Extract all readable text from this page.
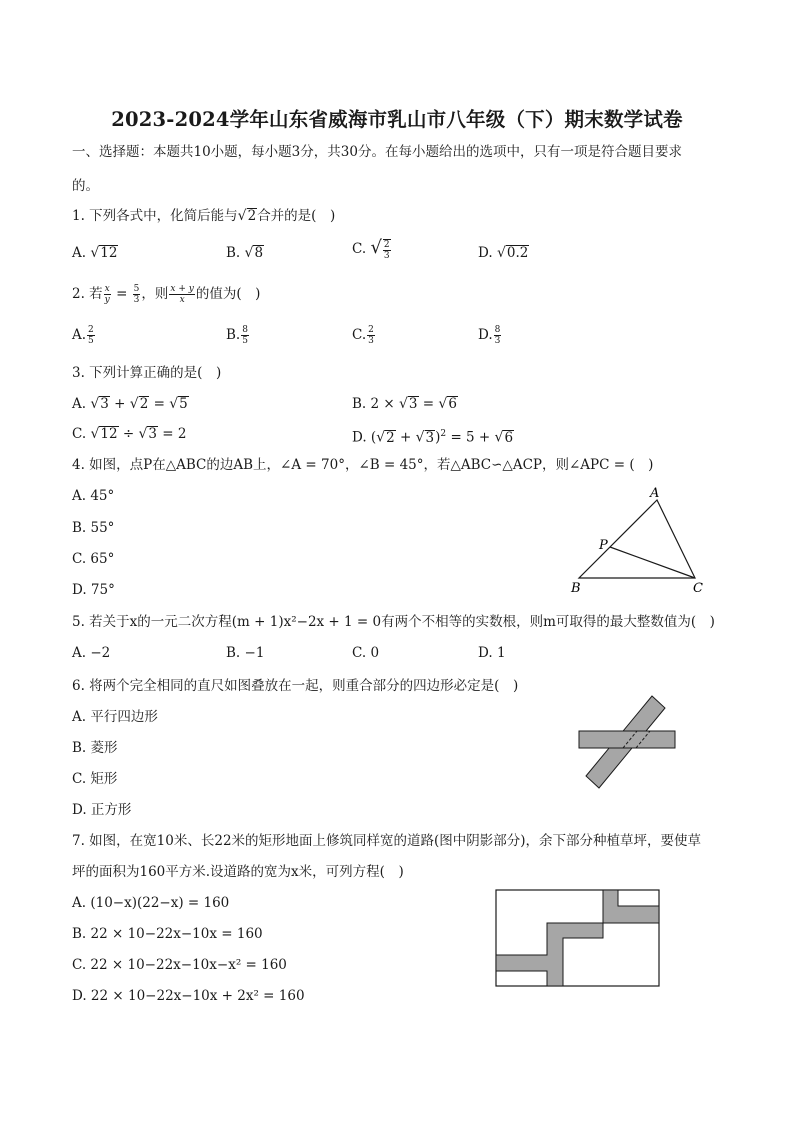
2023-2024学年山东省威海市乳山市八年级（下）期末数学试卷
一、选择题：本题共10小题，每小题3分，共30分。在每小题给出的选项中，只有一项是符合题目要求
的。
1. 下列各式中，化简后能与√2合并的是(　)
A. √12	B. √8	C. √ $\frac{2}{3}$	D. √0.2
2. 若 $\frac{x}{y} = \frac{5}{3}$ ，则 $\frac{x + y}{x}$ 的值为(　)
A. $\frac{2}{5}$	B. $\frac{8}{5}$	C. $\frac{2}{3}$	D. $\frac{8}{3}$
3. 下列计算正确的是(　)
A. √3 + √2 = √5	B. 2 × √3 = √6
C. √12 ÷ √3 = 2	D. $(√2 + √3)^2 = 5 + √6$
4. 如图，点P在△ABC的边AB上，∠A = 70°，∠B = 45°，若△ABC∽△ACP，则∠APC = (　)
A. 45°
B. 55°
C. 65°
D. 75°
A
P
B	C
5. 若关于x的一元二次方程(m + 1)x²−2x + 1 = 0有两个不相等的实数根，则m可取得的最大整数值为(　)
A. −2	B. −1	C. 0	D. 1
6. 将两个完全相同的直尺如图叠放在一起，则重合部分的四边形必定是(　)
A. 平行四边形
B. 菱形
C. 矩形
D. 正方形
7. 如图，在宽10米、长22米的矩形地面上修筑同样宽的道路(图中阴影部分)，余下部分种植草坪，要使草
坪的面积为160平方米.设道路的宽为x米，可列方程(　)
A. (10−x)(22−x) = 160
B. 22 × 10−22x−10x = 160
C. 22 × 10−22x−10x−x² = 160
D. 22 × 10−22x−10x + 2x² = 160
